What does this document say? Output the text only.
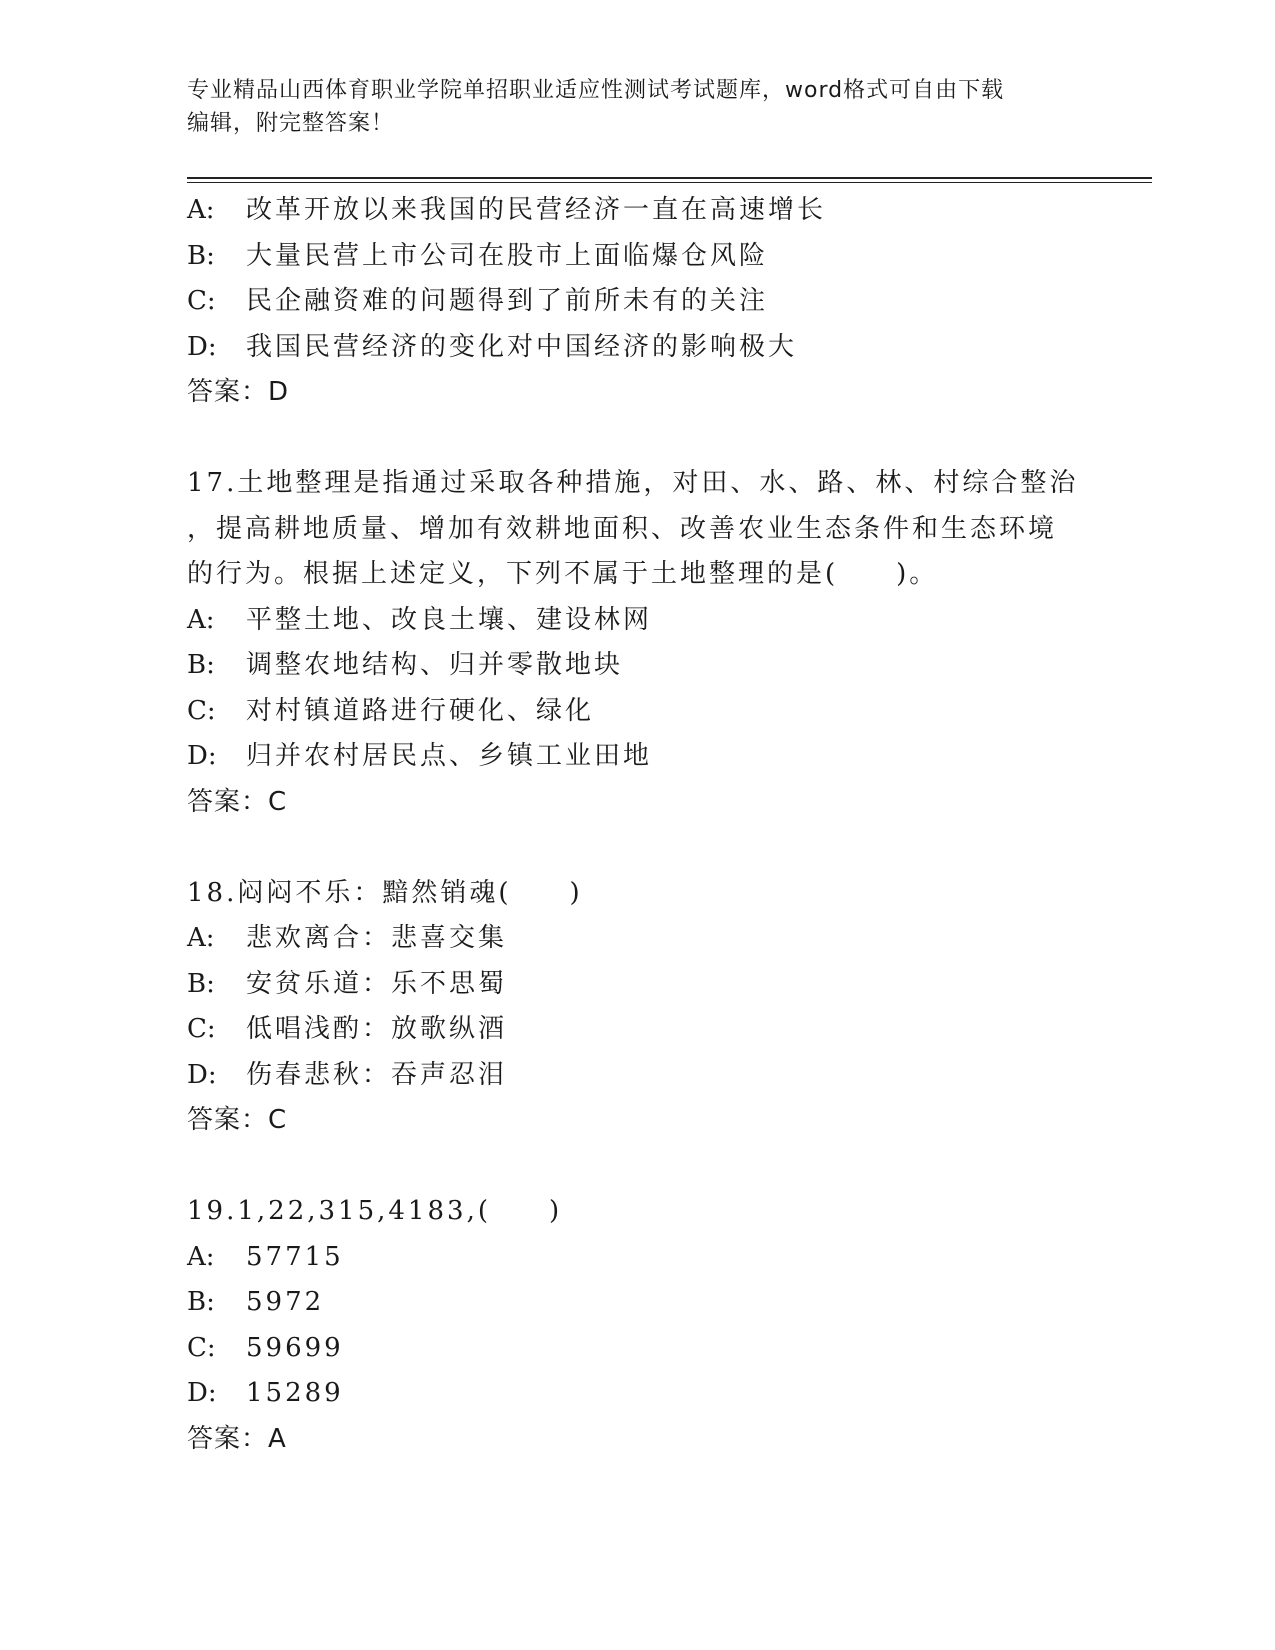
专业精品山西体育职业学院单招职业适应性测试考试题库，word格式可自由下载
编辑，附完整答案！
A:	改革开放以来我国的民营经济一直在高速增长
B:	大量民营上市公司在股市上面临爆仓风险
C:	民企融资难的问题得到了前所未有的关注
D:	我国民营经济的变化对中国经济的影响极大
答案：D
17.土地整理是指通过采取各种措施，对田、水、路、林、村综合整治
，提高耕地质量、增加有效耕地面积、改善农业生态条件和生态环境
的行为。根据上述定义，下列不属于土地整理的是(　　)。
A:	平整土地、改良土壤、建设林网
B:	调整农地结构、归并零散地块
C:	对村镇道路进行硬化、绿化
D:	归并农村居民点、乡镇工业田地
答案：C
18.闷闷不乐：黯然销魂(　　)
A:	悲欢离合：悲喜交集
B:	安贫乐道：乐不思蜀
C:	低唱浅酌：放歌纵酒
D:	伤春悲秋：吞声忍泪
答案：C
19.1,22,315,4183,(　　)
A:	57715
B:	5972
C:	59699
D:	15289
答案：A
